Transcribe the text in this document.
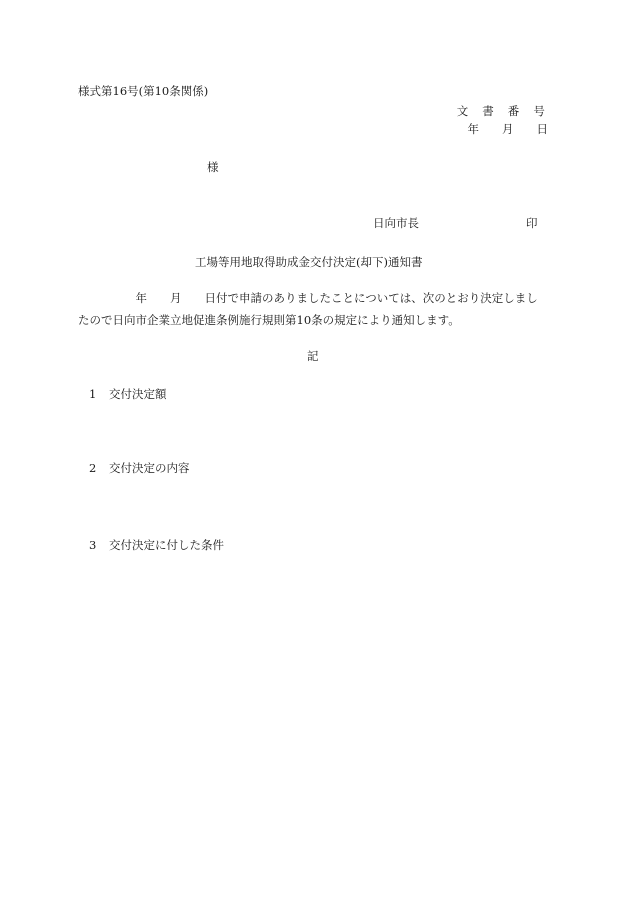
様式第16号(第10条関係)
文 書 番 号
年　　月　　日
様
日向市長	印
工場等用地取得助成金交付決定(却下)通知書
　　　　　年　　月　　日付で申請のありましたことについては、次のとおり決定しまし
たので日向市企業立地促進条例施行規則第10条の規定により通知します。
記
1 交付決定額
2 交付決定の内容
3 交付決定に付した条件
